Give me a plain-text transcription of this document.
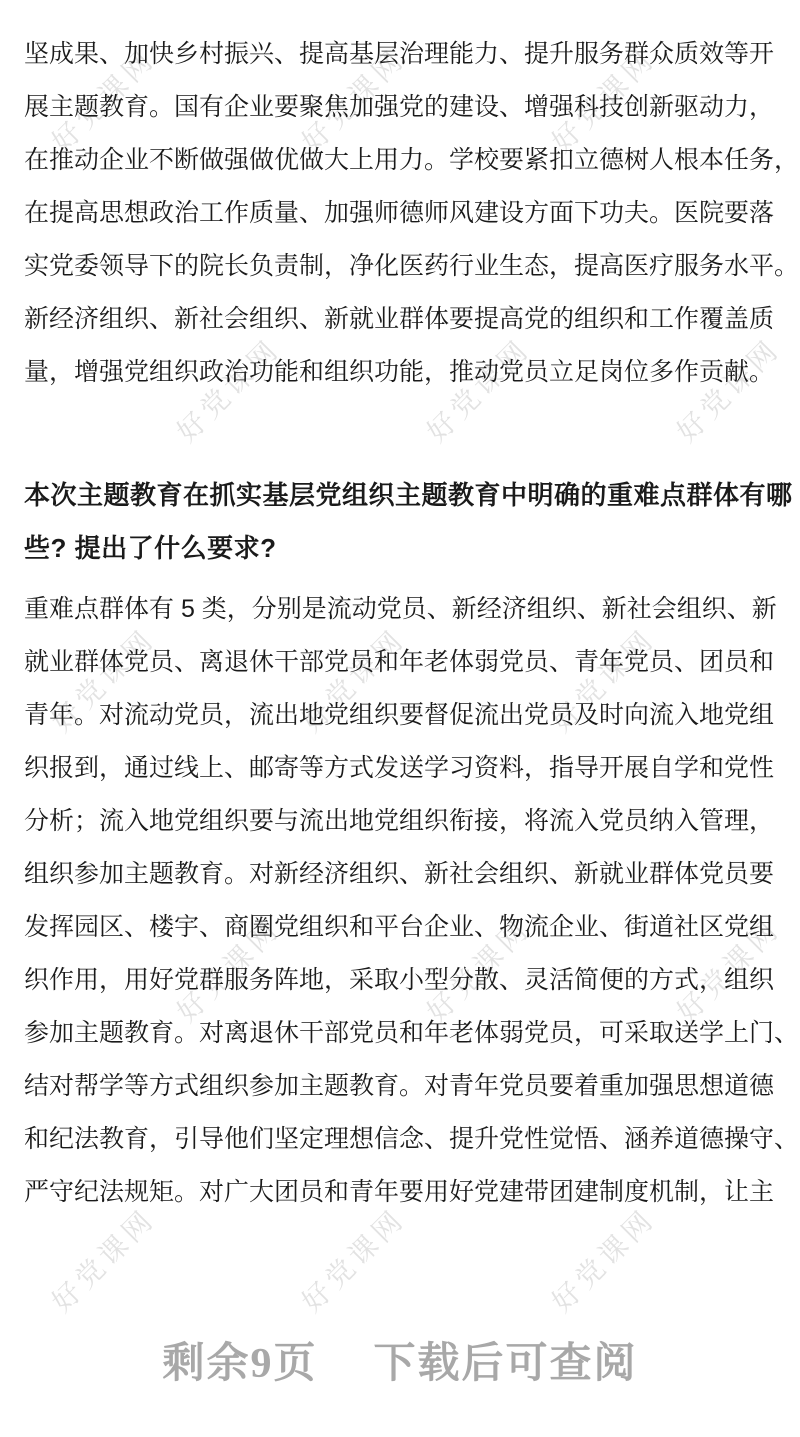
好党课网	好党课网	好党课网
好党课网	好党课网	好党课网
好党课网	好党课网	好党课网
好党课网	好党课网	好党课网
好党课网	好党课网	好党课网
坚成果、加快乡村振兴、提高基层治理能力、提升服务群众质效等开
展主题教育。国有企业要聚焦加强党的建设、增强科技创新驱动力，
在推动企业不断做强做优做大上用力。学校要紧扣立德树人根本任务，
在提高思想政治工作质量、加强师德师风建设方面下功夫。医院要落
实党委领导下的院长负责制，净化医药行业生态，提高医疗服务水平。
新经济组织、新社会组织、新就业群体要提高党的组织和工作覆盖质
量，增强党组织政治功能和组织功能，推动党员立足岗位多作贡献。
本次主题教育在抓实基层党组织主题教育中明确的重难点群体有哪
些? 提出了什么要求?
重难点群体有 5 类，分别是流动党员、新经济组织、新社会组织、新
就业群体党员、离退休干部党员和年老体弱党员、青年党员、团员和
青年。对流动党员，流出地党组织要督促流出党员及时向流入地党组
织报到，通过线上、邮寄等方式发送学习资料，指导开展自学和党性
分析；流入地党组织要与流出地党组织衔接，将流入党员纳入管理，
组织参加主题教育。对新经济组织、新社会组织、新就业群体党员要
发挥园区、楼宇、商圈党组织和平台企业、物流企业、街道社区党组
织作用，用好党群服务阵地，采取小型分散、灵活简便的方式，组织
参加主题教育。对离退休干部党员和年老体弱党员，可采取送学上门、
结对帮学等方式组织参加主题教育。对青年党员要着重加强思想道德
和纪法教育，引导他们坚定理想信念、提升党性觉悟、涵养道德操守、
严守纪法规矩。对广大团员和青年要用好党建带团建制度机制，让主
剩余9页 下载后可查阅
